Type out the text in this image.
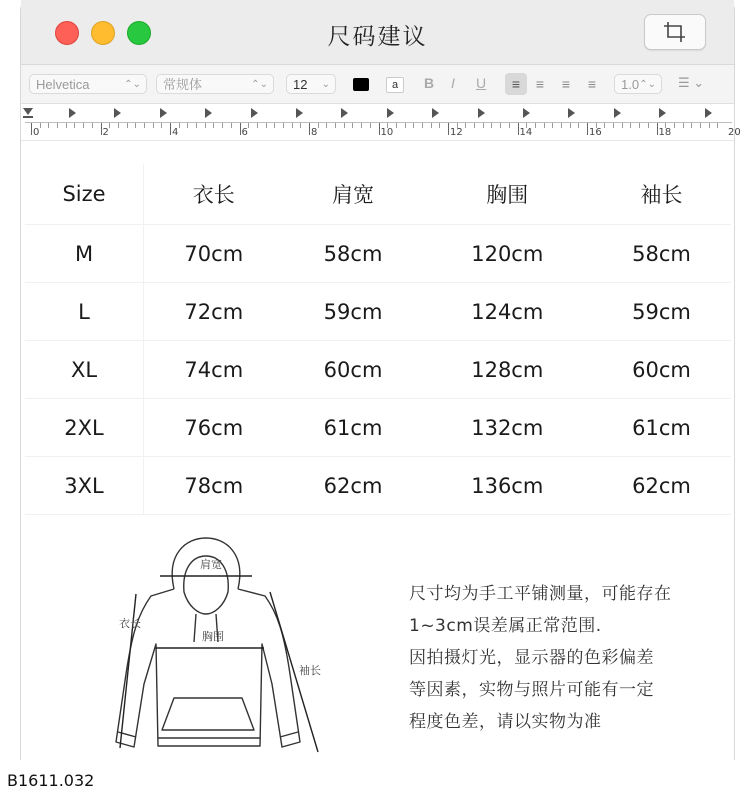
尺码建议
Helvetica	⌃⌄	常规体	⌃⌄	12 ⌄	a	B I U	≡	≡	≡	≡	1.0 ⌃⌄ ☰ ⌄
0	2	4	6	8	10	12	14	16	18	20
Size	衣长	肩宽	胸围	袖长
M	70cm	58cm	120cm	58cm
L	72cm	59cm	124cm	59cm
XL	74cm	60cm	128cm	60cm
2XL	76cm	61cm	132cm	61cm
3XL	78cm	62cm	136cm	62cm
肩宽
胸围
衣长
袖长
尺寸均为手工平铺测量，可能存在
1~3cm误差属正常范围.
因拍摄灯光，显示器的色彩偏差
等因素，实物与照片可能有一定
程度色差，请以实物为准
B1611.032
